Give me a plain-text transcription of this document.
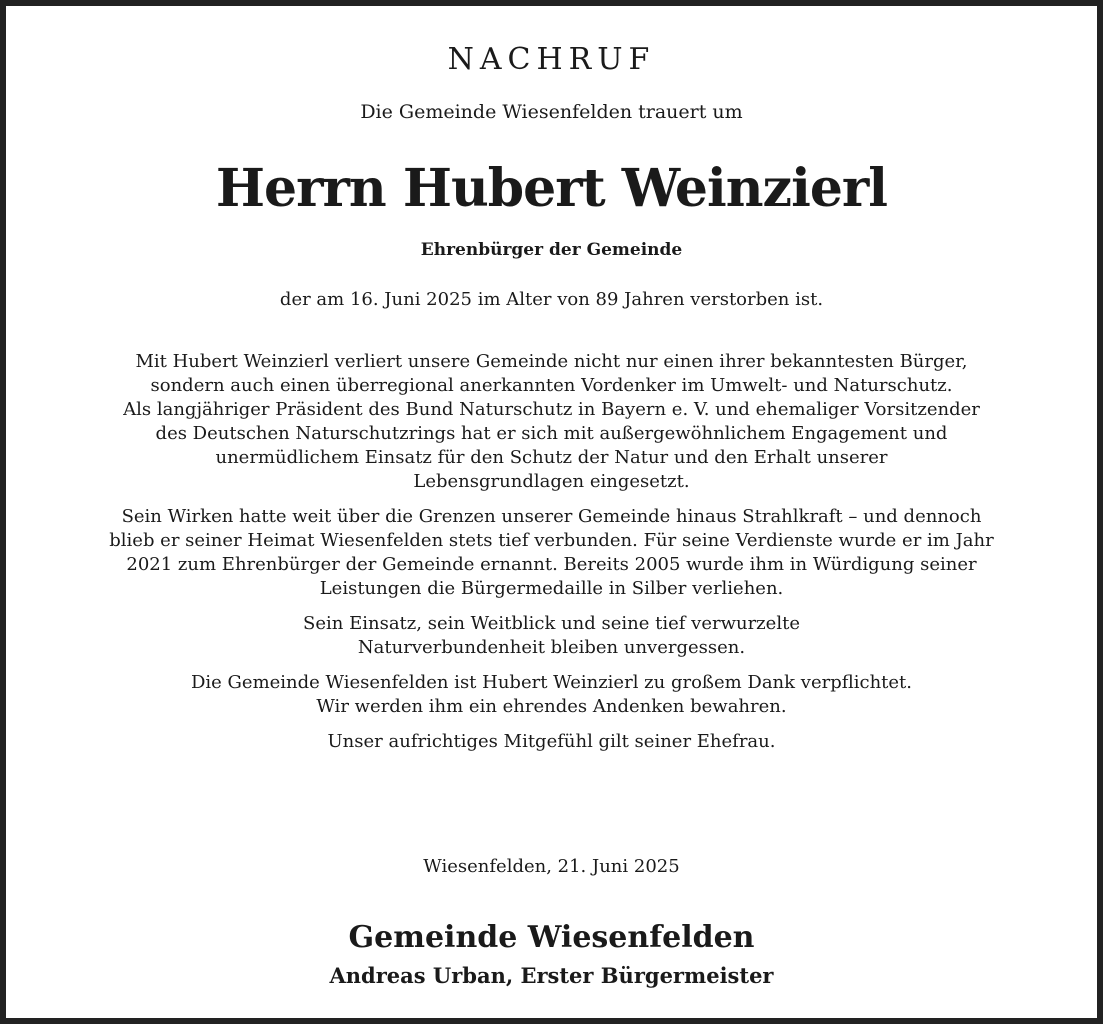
NACHRUF

Die Gemeinde Wiesenfelden trauert um

Herrn Hubert Weinzierl

Ehrenbürger der Gemeinde

der am 16. Juni 2025 im Alter von 89 Jahren verstorben ist.

Mit Hubert Weinzierl verliert unsere Gemeinde nicht nur einen ihrer bekanntesten Bürger,
sondern auch einen überregional anerkannten Vordenker im Umwelt- und Naturschutz.
Als langjähriger Präsident des Bund Naturschutz in Bayern e. V. und ehemaliger Vorsitzender
des Deutschen Naturschutzrings hat er sich mit außergewöhnlichem Engagement und
unermüdlichem Einsatz für den Schutz der Natur und den Erhalt unserer
Lebensgrundlagen eingesetzt.

Sein Wirken hatte weit über die Grenzen unserer Gemeinde hinaus Strahlkraft – und dennoch
blieb er seiner Heimat Wiesenfelden stets tief verbunden. Für seine Verdienste wurde er im Jahr
2021 zum Ehrenbürger der Gemeinde ernannt. Bereits 2005 wurde ihm in Würdigung seiner
Leistungen die Bürgermedaille in Silber verliehen.

Sein Einsatz, sein Weitblick und seine tief verwurzelte
Naturverbundenheit bleiben unvergessen.

Die Gemeinde Wiesenfelden ist Hubert Weinzierl zu großem Dank verpflichtet.
Wir werden ihm ein ehrendes Andenken bewahren.

Unser aufrichtiges Mitgefühl gilt seiner Ehefrau.

Wiesenfelden, 21. Juni 2025

Gemeinde Wiesenfelden

Andreas Urban, Erster Bürgermeister
